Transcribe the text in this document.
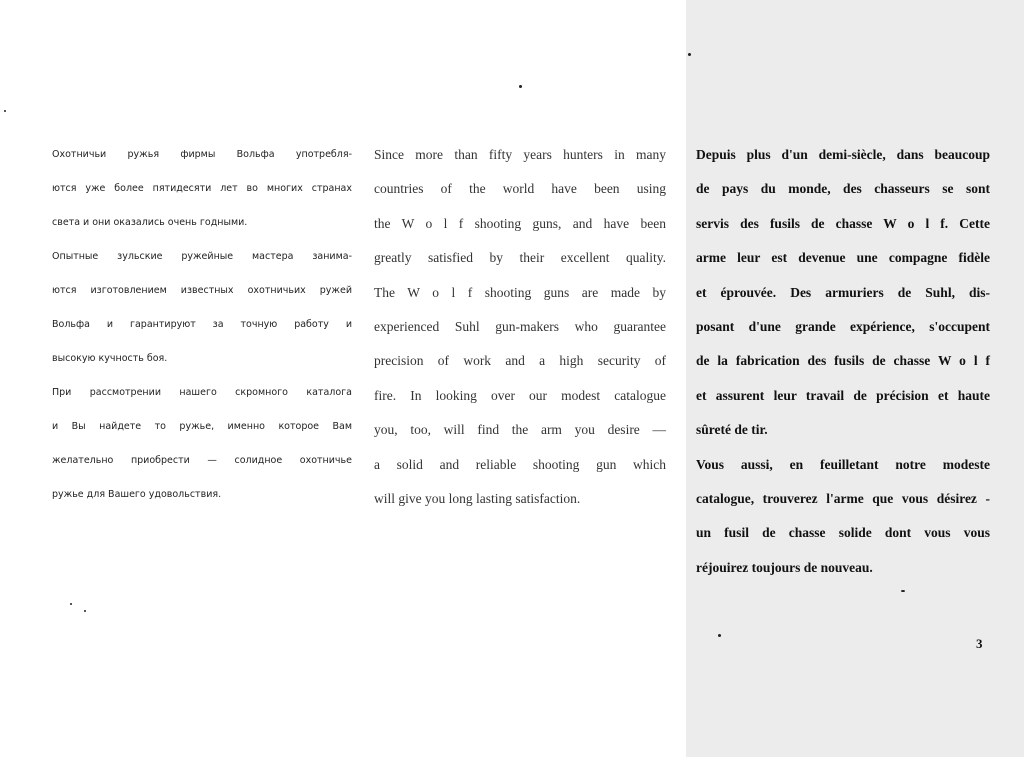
Охотничьи ружья фирмы Вольфа употребля-
ются уже более пятидесяти лет во многих странах
света и они оказались очень годными.
Опытные зульские ружейные мастера занима-
ются изготовлением известных охотничьих ружей
Вольфа и гарантируют за точную работу и
высокую кучность боя.
При рассмотрении нашего скромного каталога
и Вы найдете то ружье, именно которое Вам
желательно приобрести — солидное охотничье
ружье для Вашего удовольствия.
Since more than fifty years hunters in many
countries of the world have been using
the W o l f shooting guns, and have been
greatly satisfied by their excellent quality.
The W o l f shooting guns are made by
experienced Suhl gun-makers who guarantee
precision of work and a high security of
fire. In looking over our modest catalogue
you, too, will find the arm you desire —
a solid and reliable shooting gun which
will give you long lasting satisfaction.
Depuis plus d'un demi-siècle, dans beaucoup
de pays du monde, des chasseurs se sont
servis des fusils de chasse W o l f. Cette
arme leur est devenue une compagne fidèle
et éprouvée. Des armuriers de Suhl, dis-
posant d'une grande expérience, s'occupent
de la fabrication des fusils de chasse W o l f
et assurent leur travail de précision et haute
sûreté de tir.
Vous aussi, en feuilletant notre modeste
catalogue, trouverez l'arme que vous désirez -
un fusil de chasse solide dont vous vous
réjouirez toujours de nouveau.
3
